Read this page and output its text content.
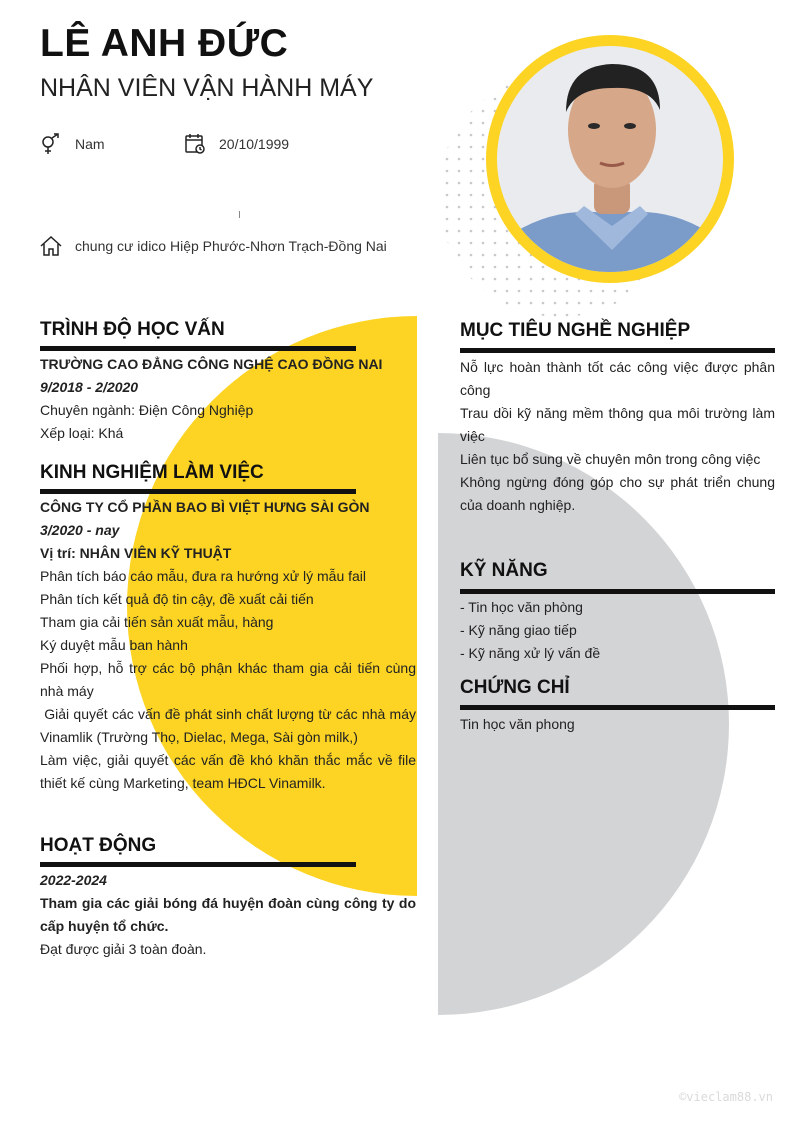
LÊ ANH ĐỨC
NHÂN VIÊN VẬN HÀNH MÁY
Nam	20/10/1999
chung cư idico Hiệp Phước-Nhơn Trạch-Đồng Nai
TRÌNH ĐỘ HỌC VẤN
TRƯỜNG CAO ĐẲNG CÔNG NGHỆ CAO ĐỒNG NAI
9/2018 - 2/2020
Chuyên ngành: Điện Công Nghiệp
Xếp loại: Khá
KINH NGHIỆM LÀM VIỆC
CÔNG TY CỔ PHẦN BAO BÌ VIỆT HƯNG SÀI GÒN
3/2020 - nay
Vị trí: NHÂN VIÊN KỸ THUẬT
Phân tích báo cáo mẫu, đưa ra hướng xử lý mẫu fail
Phân tích kết quả độ tin cậy, đề xuất cải tiến
Tham gia cải tiến sản xuất mẫu, hàng
Ký duyệt mẫu ban hành
Phối hợp, hỗ trợ các bộ phận khác tham gia cải tiến cùng nhà máy
Giải quyết các vấn đề phát sinh chất lượng từ các nhà máy Vinamlik (Trường Thọ, Dielac, Mega, Sài gòn milk,)
Làm việc, giải quyết các vấn đề khó khăn thắc mắc về file thiết kế cùng Marketing, team HĐCL Vinamilk.
HOẠT ĐỘNG
2022-2024
Tham gia các giải bóng đá huyện đoàn cùng công ty do cấp huyện tổ chức.
Đạt được giải 3 toàn đoàn.
MỤC TIÊU NGHỀ NGHIỆP
Nỗ lực hoàn thành tốt các công việc được phân công
Trau dồi kỹ năng mềm thông qua môi trường làm việc
Liên tục bổ sung về chuyên môn trong công việc
Không ngừng đóng góp cho sự phát triển chung của doanh nghiệp.
KỸ NĂNG
- Tin học văn phòng
- Kỹ năng giao tiếp
- Kỹ năng xử lý vấn đề
CHỨNG CHỈ
Tin học văn phong
©vieclam88.vn
